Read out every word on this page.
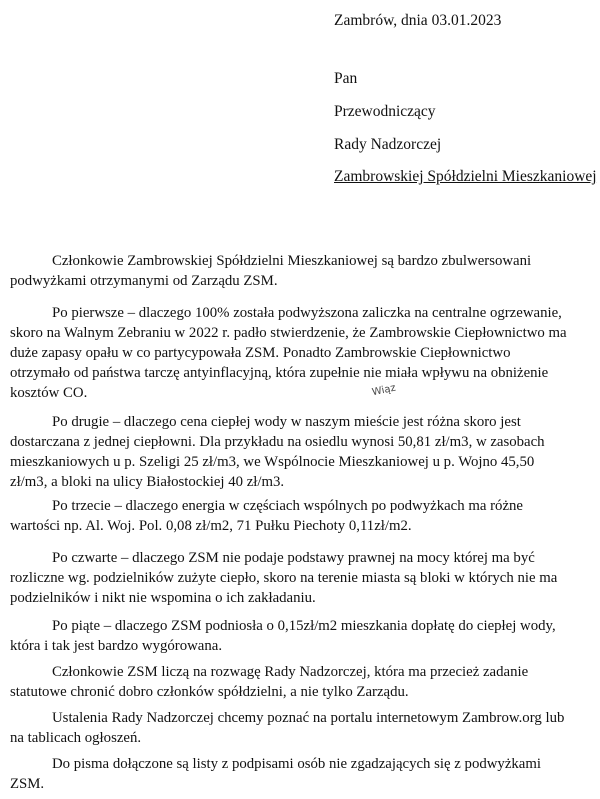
Zambrów, dnia 03.01.2023
Pan
Przewodniczący
Rady Nadzorczej
Zambrowskiej Spółdzielni Mieszkaniowej
Członkowie Zambrowskiej Spółdzielni Mieszkaniowej są bardzo zbulwersowani
podwyżkami otrzymanymi od Zarządu ZSM.
Po pierwsze – dlaczego 100% została podwyższona zaliczka na centralne ogrzewanie,
skoro na Walnym Zebraniu w 2022 r. padło stwierdzenie, że Zambrowskie Ciepłownictwo ma
duże zapasy opału w co partycypowała ZSM. Ponadto Zambrowskie Ciepłownictwo
otrzymało od państwa tarczę antyinflacyjną, która zupełnie nie miała wpływu na obniżenie
kosztów CO.
Po drugie – dlaczego cena ciepłej wody w naszym mieście jest różna skoro jest
dostarczana z jednej ciepłowni. Dla przykładu na osiedlu wynosi 50,81 zł/m3, w zasobach
mieszkaniowych u p. Szeligi 25 zł/m3, we Wspólnocie Mieszkaniowej u p. Wojno 45,50
zł/m3, a bloki na ulicy Białostockiej 40 zł/m3.
Wiąz
Po trzecie – dlaczego energia w częściach wspólnych po podwyżkach ma różne
wartości np. Al. Woj. Pol. 0,08 zł/m2, 71 Pułku Piechoty 0,11zł/m2.
Po czwarte – dlaczego ZSM nie podaje podstawy prawnej na mocy której ma być
rozliczne wg. podzielników zużyte ciepło, skoro na terenie miasta są bloki w których nie ma
podzielników i nikt nie wspomina o ich zakładaniu.
Po piąte – dlaczego ZSM podniosła o 0,15zł/m2 mieszkania dopłatę do ciepłej wody,
która i tak jest bardzo wygórowana.
Członkowie ZSM liczą na rozwagę Rady Nadzorczej, która ma przecież zadanie
statutowe chronić dobro członków spółdzielni, a nie tylko Zarządu.
Ustalenia Rady Nadzorczej chcemy poznać na portalu internetowym Zambrow.org lub
na tablicach ogłoszeń.
Do pisma dołączone są listy z podpisami osób nie zgadzających się z podwyżkami
ZSM.
